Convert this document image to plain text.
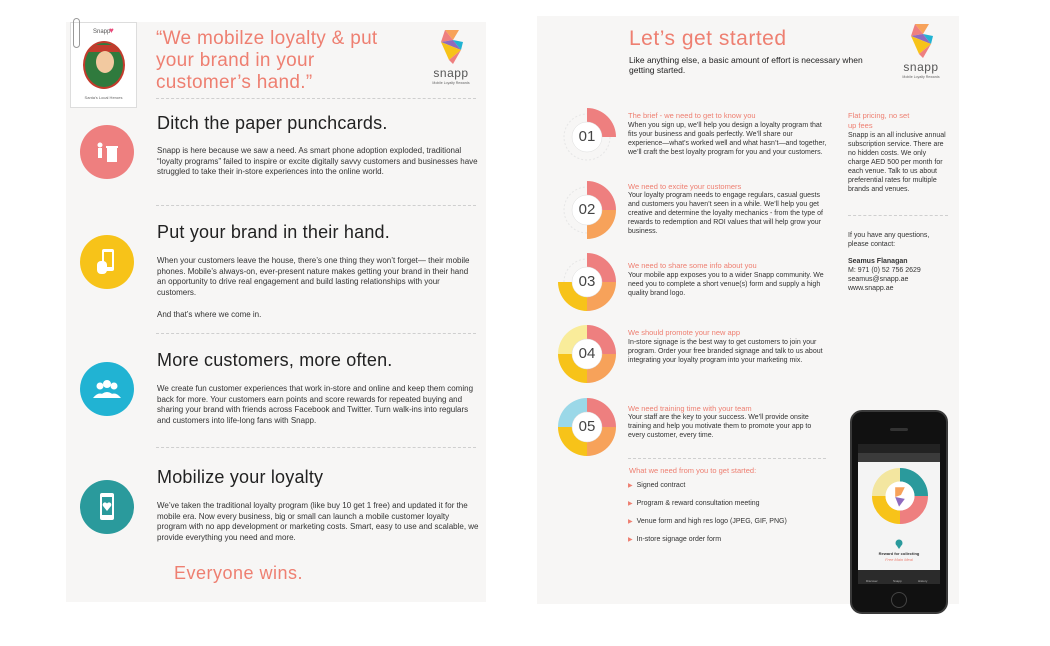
Snapp
♥
Santa's Local Heroes
“We mobilze loyalty & put your brand in your customer’s hand.”	snapp
Mobile Loyalty Rewards
Ditch the paper punchcards.
Snapp is here because we saw a need. As smart phone adoption exploded, traditional “loyalty programs” failed to inspire or excite digitally savvy customers and businesses have struggled to take their in-store experiences into the online world.
Put your brand in their hand.
When your customers leave the house, there’s one thing they won’t forget— their mobile phones. Mobile’s always-on, ever-present nature makes getting your brand in their hand an opportunity to drive real engagement and build lasting relationships with your customers.
And that’s where we come in.
More customers, more often.
We create fun customer experiences that work in-store and online and keep them coming back for more. Your customers earn points and score rewards for repeated buying and sharing your brand with friends across Facebook and Twitter. Turn walk-ins into regulars and customers into life-long fans with Snapp.
Mobilize your loyalty
We’ve taken the traditional loyalty program (like buy 10 get 1 free) and updated it for the mobile era. Now every business, big or small can launch a mobile customer loyalty program with no app development or marketing costs. Smart, easy to use and scalable, we provide everything you need and more.
Everyone wins.
Let’s get started
Like anything else, a basic amount of effort is necessary when getting started.	snapp
Mobile Loyalty Rewards
01
The brief - we need to get to know you
When you sign up, we’ll help you design a loyalty program that fits your business and goals perfectly. We’ll share our experience—what’s worked well and what hasn’t—and together, we’ll craft the best loyalty program for you and your customers.
02
We need to excite your customers
Your loyalty program needs to engage regulars, casual guests and customers you haven’t seen in a while. We’ll help you get creative and determine the loyalty mechanics - from the type of rewards to redemption and ROI values that will help grow your business.
03
We need to share some info about you
Your mobile app exposes you to a wider Snapp community. We need you to complete a short venue(s) form and supply a high quality brand logo.
04
We should promote your new app
In-store signage is the best way to get customers to join your program. Order your free branded signage and talk to us about integrating your loyalty program into your marketing mix.
05
We need training time with your team
Your staff are the key to your success. We’ll provide onsite training and help you motivate them to promote your app to every customer, every time.
What we need from you to get started:
▶ Signed contract
▶ Program & reward consultation meeting
▶ Venue form and high res logo (JPEG, GIF, PNG)
▶ In-store signage order form
Flat pricing, no set up fees
Snapp is an all inclusive annual subscription service. There are no hidden costs. We only charge AED 500 per month for each venue. Talk to us about preferential rates for multiple brands and venues.
If you have any questions, please contact:
Seamus Flanagan
M: 971 (0) 52 756 2629
seamus@snapp.ae
www.snapp.ae
Reward for collecting
Free Main Meal
Discover	Snapp	History
